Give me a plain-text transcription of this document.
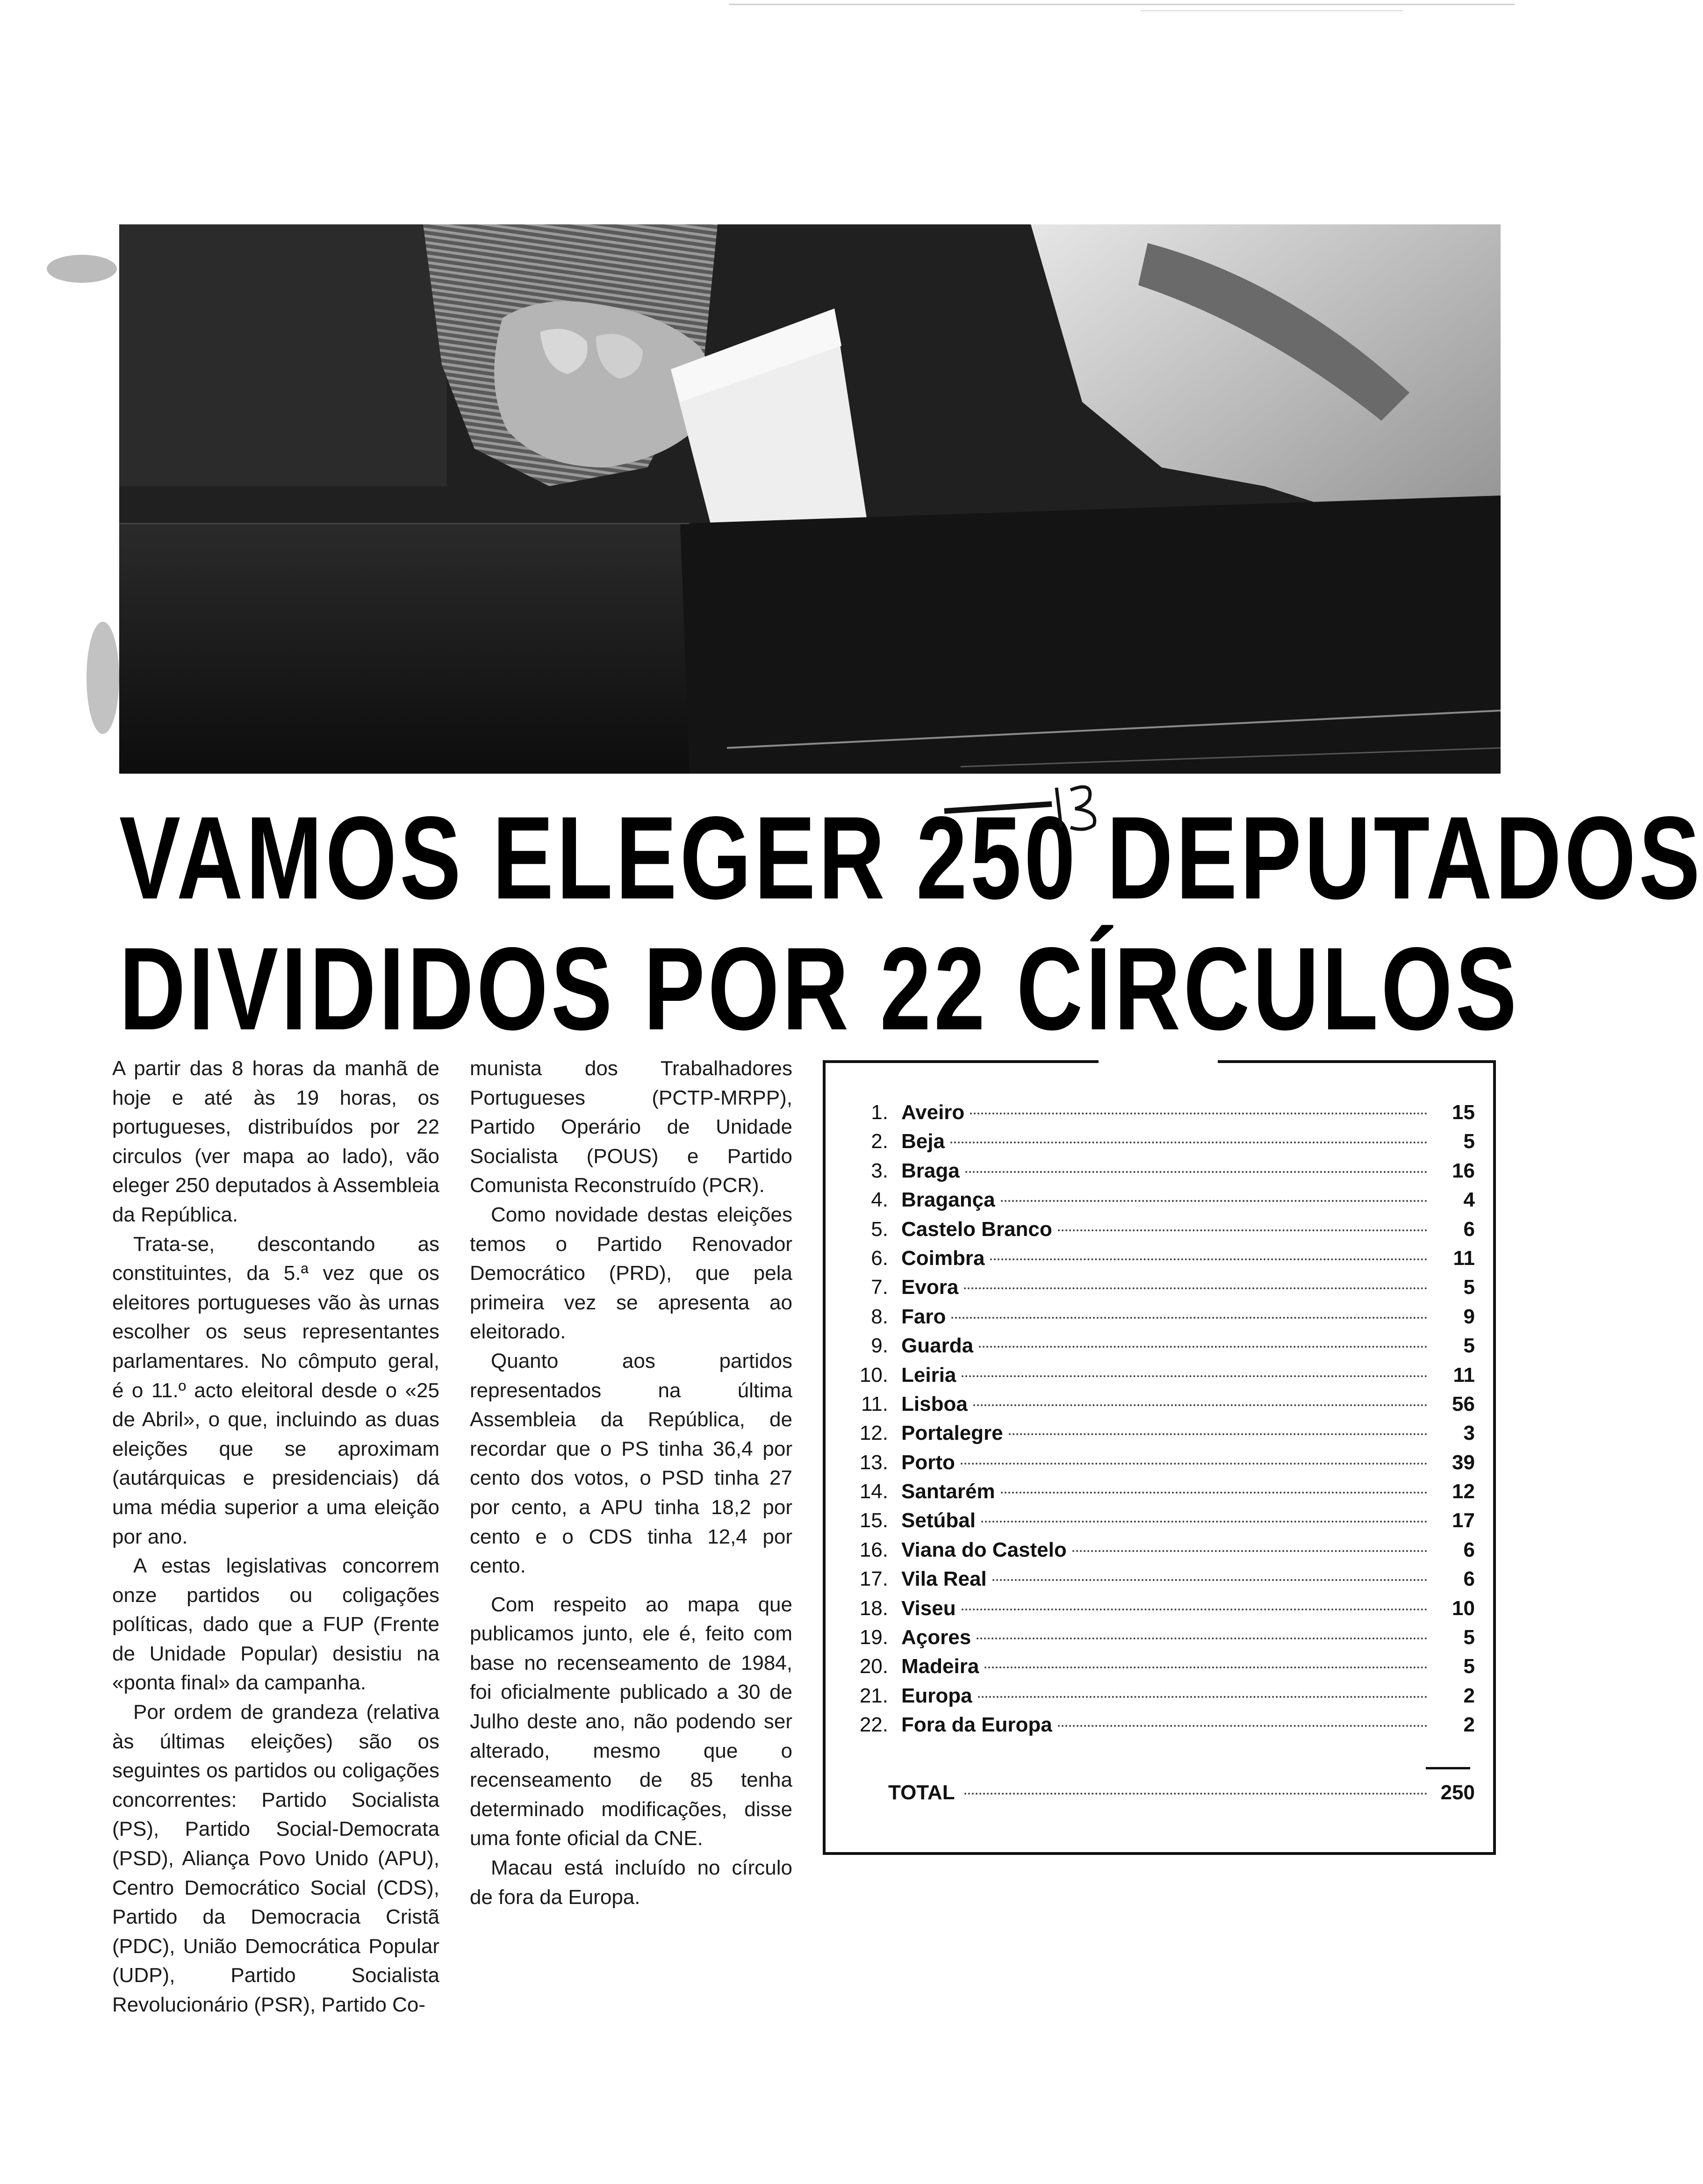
VAMOS ELEGER 250 DEPUTADOS
DIVIDIDOS POR 22 CÍRCULOS

A partir das 8 horas da manhã de hoje e até às 19 horas, os portugueses, distribuídos por 22 circulos (ver mapa ao lado), vão eleger 250 deputados à Assembleia da República.

Trata-se, descontando as constituintes, da 5.ª vez que os eleitores portugueses vão às urnas escolher os seus representantes parlamentares. No cômputo geral, é o 11.º acto eleitoral desde o «25 de Abril», o que, incluindo as duas eleições que se aproximam (autárquicas e presidenciais) dá uma média superior a uma eleição por ano.

A estas legislativas concorrem onze partidos ou coligações políticas, dado que a FUP (Frente de Unidade Popular) desistiu na «ponta final» da campanha.

Por ordem de grandeza (relativa às últimas eleições) são os seguintes os partidos ou coligações concorrentes: Partido Socialista (PS), Partido Social-Democrata (PSD), Aliança Povo Unido (APU), Centro Democrático Social (CDS), Partido da Democracia Cristã (PDC), União Democrática Popular (UDP), Partido Socialista Revolucionário (PSR), Partido Co-

munista dos Trabalhadores Portugueses (PCTP-MRPP), Partido Operário de Unidade Socialista (POUS) e Partido Comunista Reconstruído (PCR).

Como novidade destas eleições temos o Partido Renovador Democrático (PRD), que pela primeira vez se apresenta ao eleitorado.

Quanto aos partidos representados na última Assembleia da República, de recordar que o PS tinha 36,4 por cento dos votos, o PSD tinha 27 por cento, a APU tinha 18,2 por cento e o CDS tinha 12,4 por cento.

Com respeito ao mapa que publicamos junto, ele é, feito com base no recenseamento de 1984, foi oficialmente publicado a 30 de Julho deste ano, não podendo ser alterado, mesmo que o recenseamento de 85 tenha determinado modificações, disse uma fonte oficial da CNE.

Macau está incluído no círculo de fora da Europa.

1. Aveiro	15
2. Beja	5
3. Braga	16
4. Bragança	4
5. Castelo Branco	6
6. Coimbra	11
7. Evora	5
8. Faro	9
9. Guarda	5
10. Leiria	11
11. Lisboa	56
12. Portalegre	3
13. Porto	39
14. Santarém	12
15. Setúbal	17
16. Viana do Castelo	6
17. Vila Real	6
18. Viseu	10
19. Açores	5
20. Madeira	5
21. Europa	2
22. Fora da Europa	2
TOTAL	250
